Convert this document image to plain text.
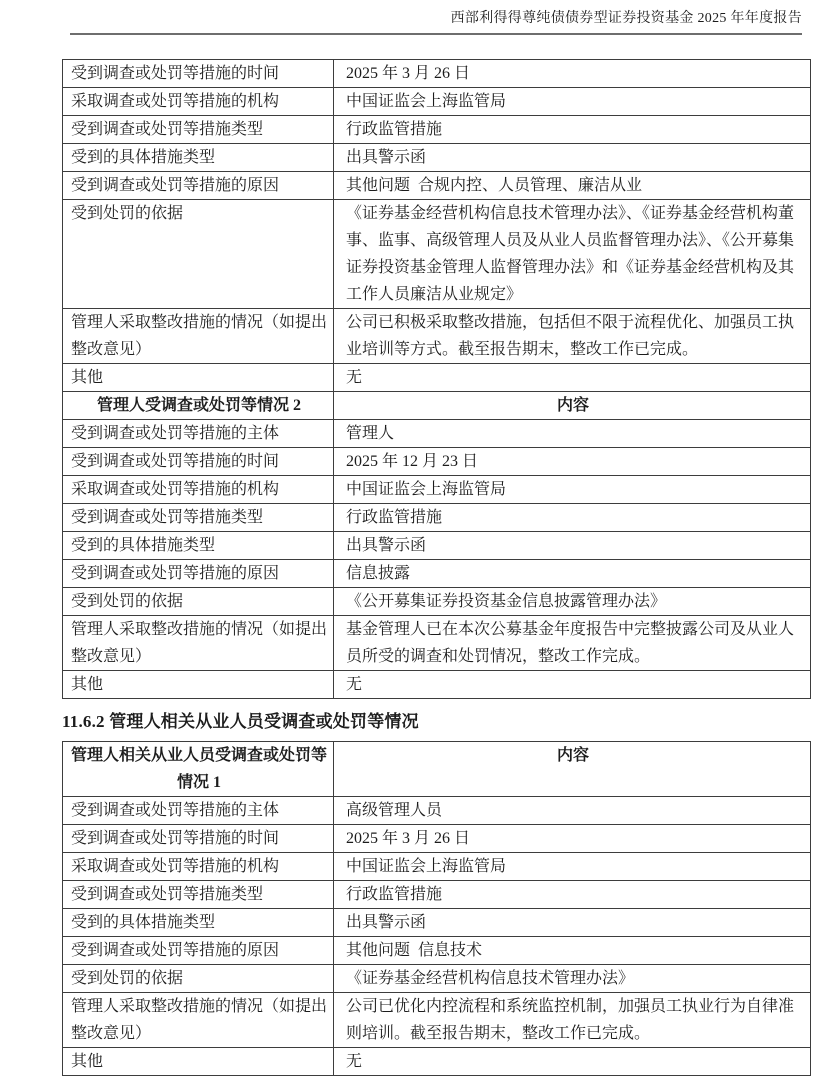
西部利得得尊纯债债券型证券投资基金 2025 年年度报告
受到调查或处罚等措施的时间	2025 年 3 月 26 日
采取调查或处罚等措施的机构	中国证监会上海监管局
受到调查或处罚等措施类型	行政监管措施
受到的具体措施类型	出具警示函
受到调查或处罚等措施的原因	其他问题 合规内控、人员管理、廉洁从业
受到处罚的依据	《证券基金经营机构信息技术管理办法》、《证券基金经营机构董事、监事、高级管理人员及从业人员监督管理办法》、《公开募集证券投资基金管理人监督管理办法》和《证券基金经营机构及其工作人员廉洁从业规定》
管理人采取整改措施的情况（如提出整改意见）	公司已积极采取整改措施，包括但不限于流程优化、加强员工执业培训等方式。截至报告期末，整改工作已完成。
其他	无
管理人受调查或处罚等情况 2	内容
受到调查或处罚等措施的主体	管理人
受到调查或处罚等措施的时间	2025 年 12 月 23 日
采取调查或处罚等措施的机构	中国证监会上海监管局
受到调查或处罚等措施类型	行政监管措施
受到的具体措施类型	出具警示函
受到调查或处罚等措施的原因	信息披露
受到处罚的依据	《公开募集证券投资基金信息披露管理办法》
管理人采取整改措施的情况（如提出整改意见）	基金管理人已在本次公募基金年度报告中完整披露公司及从业人员所受的调查和处罚情况，整改工作完成。
其他	无
11.6.2 管理人相关从业人员受调查或处罚等情况
管理人相关从业人员受调查或处罚等情况 1	内容
受到调查或处罚等措施的主体	高级管理人员
受到调查或处罚等措施的时间	2025 年 3 月 26 日
采取调查或处罚等措施的机构	中国证监会上海监管局
受到调查或处罚等措施类型	行政监管措施
受到的具体措施类型	出具警示函
受到调查或处罚等措施的原因	其他问题 信息技术
受到处罚的依据	《证券基金经营机构信息技术管理办法》
管理人采取整改措施的情况（如提出整改意见）	公司已优化内控流程和系统监控机制，加强员工执业行为自律准则培训。截至报告期末，整改工作已完成。
其他	无
